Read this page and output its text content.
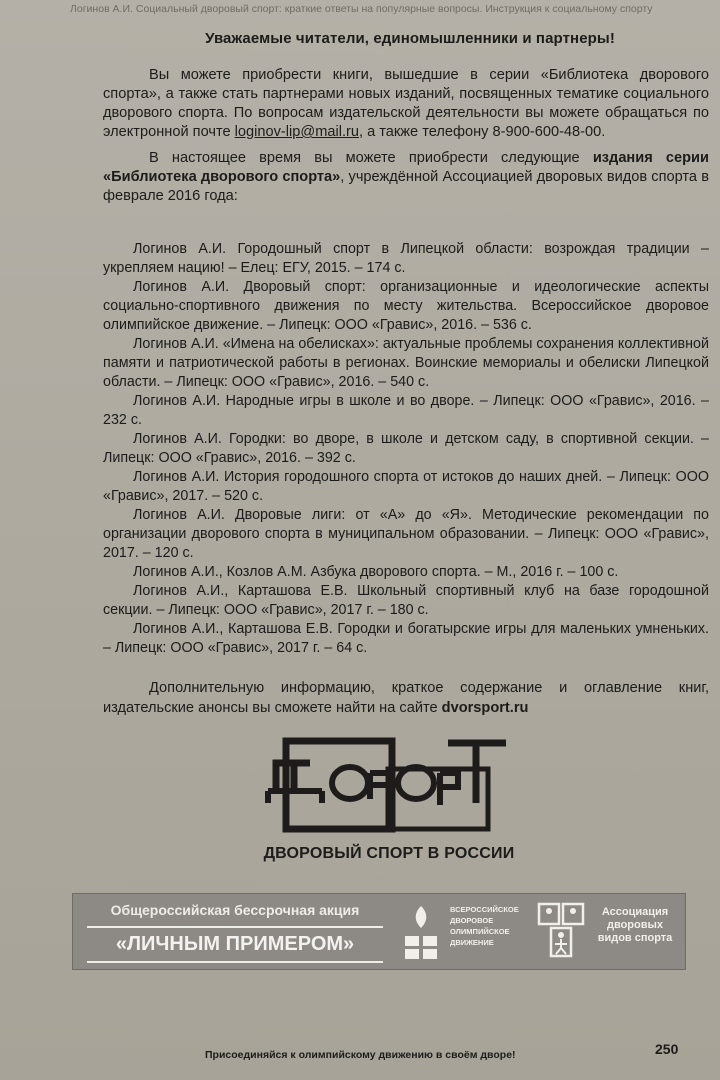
Логинов А.И. Социальный дворовый спорт: краткие ответы на популярные вопросы. Инструкция к социальному спорту
Уважаемые читатели, единомышленники и партнеры!

Вы можете приобрести книги, вышедшие в серии «Библиотека дворового спорта», а также стать партнерами новых изданий, посвященных тематике социального дворового спорта. По вопросам издательской деятельности вы можете обращаться по электронной почте loginov-lip@mail.ru, а также телефону 8-900-600-48-00.

В настоящее время вы можете приобрести следующие издания серии «Библиотека дворового спорта», учреждённой Ассоциацией дворовых видов спорта в феврале 2016 года:

Логинов А.И. Городошный спорт в Липецкой области: возрождая традиции – укрепляем нацию! – Елец: ЕГУ, 2015. – 174 с.

Логинов А.И. Дворовый спорт: организационные и идеологические аспекты социально-спортивного движения по месту жительства. Всероссийское дворовое олимпийское движение. – Липецк: ООО «Гравис», 2016. – 536 с.

Логинов А.И. «Имена на обелисках»: актуальные проблемы сохранения коллективной памяти и патриотической работы в регионах. Воинские мемориалы и обелиски Липецкой области. – Липецк: ООО «Гравис», 2016. – 540 с.

Логинов А.И. Народные игры в школе и во дворе. – Липецк: ООО «Гравис», 2016. – 232 с.

Логинов А.И. Городки: во дворе, в школе и детском саду, в спортивной секции. – Липецк: ООО «Гравис», 2016. – 392 с.

Логинов А.И. История городошного спорта от истоков до наших дней. – Липецк: ООО «Гравис», 2017. – 520 с.

Логинов А.И. Дворовые лиги: от «А» до «Я». Методические рекомендации по организации дворового спорта в муниципальном образовании. – Липецк: ООО «Гравис», 2017. – 120 с.

Логинов А.И., Козлов А.М. Азбука дворового спорта. – М., 2016 г. – 100 с.

Логинов А.И., Карташова Е.В. Школьный спортивный клуб на базе городошной секции. – Липецк: ООО «Гравис», 2017 г. – 180 с.

Логинов А.И., Карташова Е.В. Городки и богатырские игры для маленьких умненьких. – Липецк: ООО «Гравис», 2017 г. – 64 с.

Дополнительную информацию, краткое содержание и оглавление книг, издательские анонсы вы сможете найти на сайте dvorsport.ru

ДВОРОВЫЙ СПОРТ В РОССИИ
Общероссийская бессрочная акция
«ЛИЧНЫМ ПРИМЕРОМ»
ВСЕРОССИЙСКОЕ
ДВОРОВОЕ
ОЛИМПИЙСКОЕ
ДВИЖЕНИЕ
Ассоциация
дворовых
видов спорта
250
Присоединяйся к олимпийскому движению в своём дворе!
